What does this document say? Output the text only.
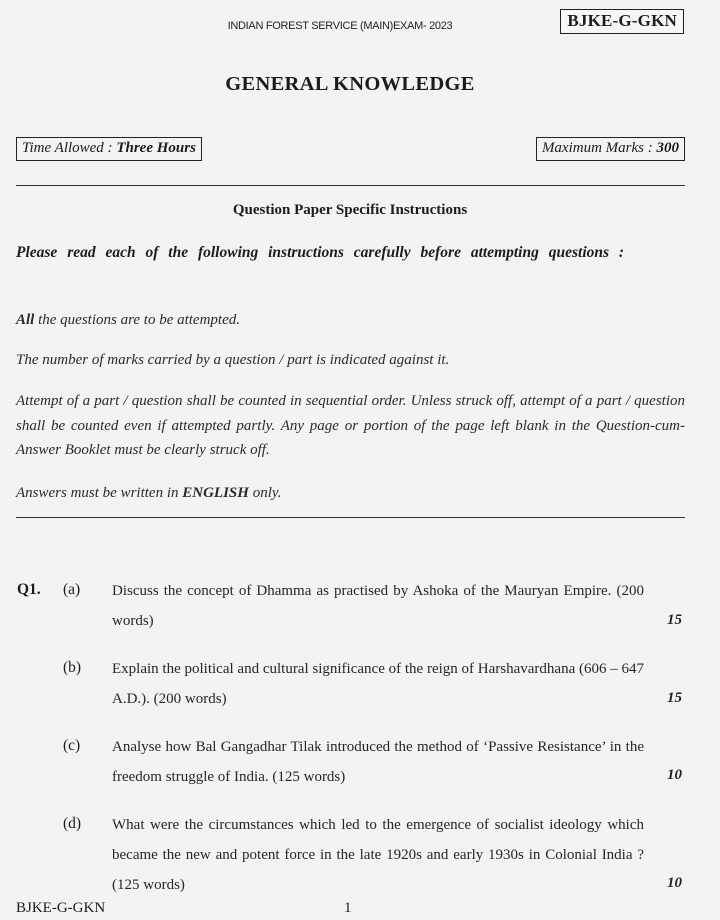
INDIAN FOREST SERVICE (MAIN)EXAM- 2023	BJKE-G-GKN
GENERAL KNOWLEDGE
Time Allowed : Three Hours	Maximum Marks : 300
Question Paper Specific Instructions
Please read each of the following instructions carefully before attempting questions :
All the questions are to be attempted.
The number of marks carried by a question / part is indicated against it.
Attempt of a part / question shall be counted in sequential order. Unless struck off, attempt of a part / question shall be counted even if attempted partly. Any page or portion of the page left blank in the Question-cum-Answer Booklet must be clearly struck off.
Answers must be written in ENGLISH only.
Q1. (a) Discuss the concept of Dhamma as practised by Ashoka of the Mauryan Empire. (200 words)	15
(b) Explain the political and cultural significance of the reign of Harshavardhana (606 – 647 A.D.). (200 words)	15
(c) Analyse how Bal Gangadhar Tilak introduced the method of ‘Passive Resistance’ in the freedom struggle of India. (125 words)	10
(d) What were the circumstances which led to the emergence of socialist ideology which became the new and potent force in the late 1920s and early 1930s in Colonial India ? (125 words)	10
BJKE-G-GKN	1
